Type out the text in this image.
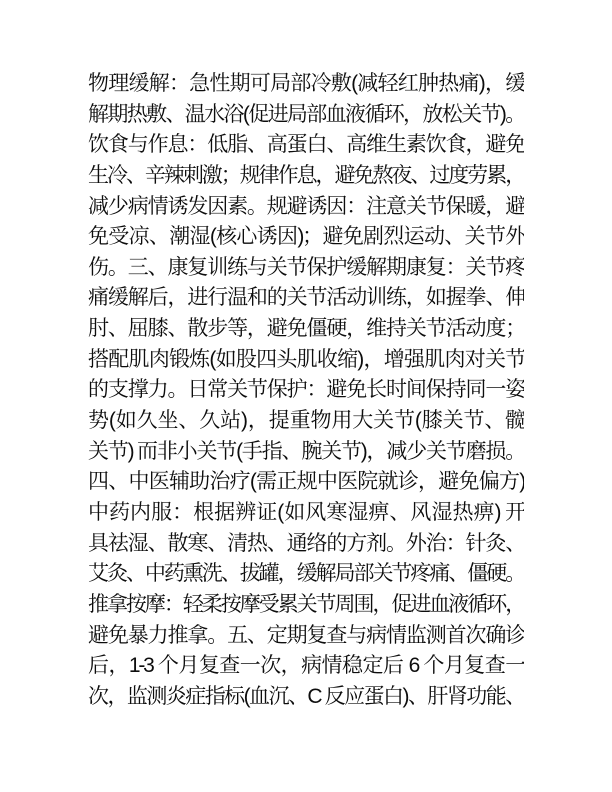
物理缓解：急性期可局部冷敷(减轻红肿热痛)，缓
解期热敷、温水浴(促进局部血液循环，放松关节)。
饮食与作息：低脂、高蛋白、高维生素饮食，避免
生冷、辛辣刺激；规律作息，避免熬夜、过度劳累，
减少病情诱发因素。规避诱因：注意关节保暖，避
免受凉、潮湿(核心诱因)；避免剧烈运动、关节外
伤。三、康复训练与关节保护缓解期康复：关节疼
痛缓解后，进行温和的关节活动训练，如握拳、伸
肘、屈膝、散步等，避免僵硬，维持关节活动度；
搭配肌肉锻炼(如股四头肌收缩)，增强肌肉对关节
的支撑力。日常关节保护：避免长时间保持同一姿
势(如久坐、久站)，提重物用大关节(膝关节、髋
关节) 而非小关节(手指、腕关节)，减少关节磨损。
四、中医辅助治疗(需正规中医院就诊，避免偏方)
中药内服：根据辨证(如风寒湿痹、风湿热痹) 开
具祛湿、散寒、清热、通络的方剂。外治：针灸、
艾灸、中药熏洗、拔罐，缓解局部关节疼痛、僵硬。
推拿按摩：轻柔按摩受累关节周围，促进血液循环，
避免暴力推拿。五、定期复查与病情监测首次确诊
后，1-3 个月复查一次，病情稳定后 6 个月复查一
次，监测炎症指标(血沉、C 反应蛋白)、肝肾功能、
